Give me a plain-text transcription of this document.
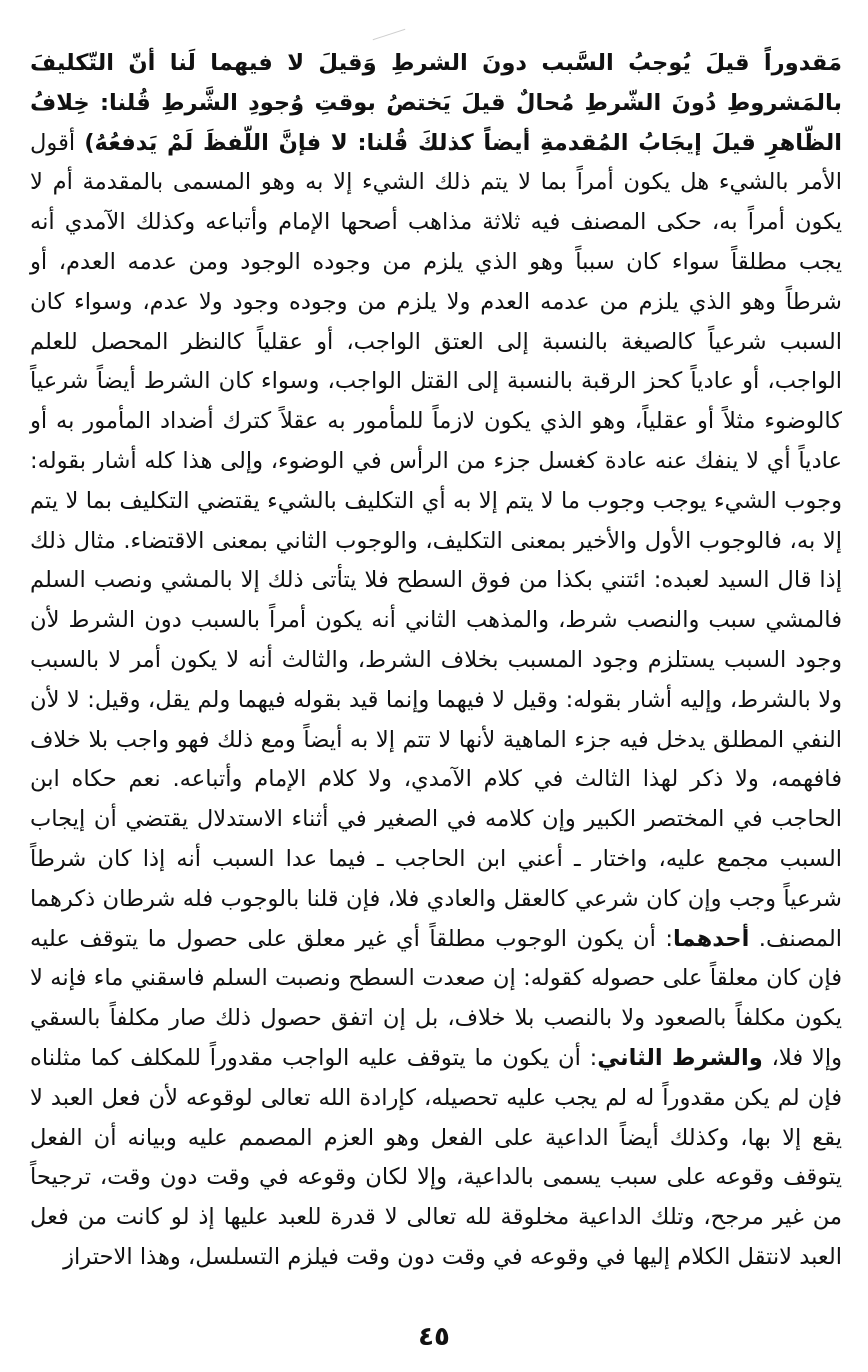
مَقدوراً قيلَ يُوجبُ السَّبب دونَ الشرطِ وَقيلَ لا فيهما لَنا أنّ التّكليفَ بالمَشروطِ دُونَ الشّرطِ مُحالٌ قيلَ يَختصُ بوقتِ وُجودِ الشَّرطِ قُلنا: خِلافُ الظّاهرِ قيلَ إيجَابُ المُقدمةِ أيضاً كذلكَ قُلنا: لا فإنَّ اللّفظَ لَمْ يَدفعُهُ) أقول الأمر بالشيء هل يكون أمراً بما لا يتم ذلك الشيء إلا به وهو المسمى بالمقدمة أم لا يكون أمراً به، حكى المصنف فيه ثلاثة مذاهب أصحها الإمام وأتباعه وكذلك الآمدي أنه يجب مطلقاً سواء كان سبباً وهو الذي يلزم من وجوده الوجود ومن عدمه العدم، أو شرطاً وهو الذي يلزم من عدمه العدم ولا يلزم من وجوده وجود ولا عدم، وسواء كان السبب شرعياً كالصيغة بالنسبة إلى العتق الواجب، أو عقلياً كالنظر المحصل للعلم الواجب، أو عادياً كحز الرقبة بالنسبة إلى القتل الواجب، وسواء كان الشرط أيضاً شرعياً كالوضوء مثلاً أو عقلياً، وهو الذي يكون لازماً للمأمور به عقلاً كترك أضداد المأمور به أو عادياً أي لا ينفك عنه عادة كغسل جزء من الرأس في الوضوء، وإلى هذا كله أشار بقوله: وجوب الشيء يوجب وجوب ما لا يتم إلا به أي التكليف بالشيء يقتضي التكليف بما لا يتم إلا به، فالوجوب الأول والأخير بمعنى التكليف، والوجوب الثاني بمعنى الاقتضاء. مثال ذلك إذا قال السيد لعبده: ائتني بكذا من فوق السطح فلا يتأتى ذلك إلا بالمشي ونصب السلم فالمشي سبب والنصب شرط، والمذهب الثاني أنه يكون أمراً بالسبب دون الشرط لأن وجود السبب يستلزم وجود المسبب بخلاف الشرط، والثالث أنه لا يكون أمر لا بالسبب ولا بالشرط، وإليه أشار بقوله: وقيل لا فيهما وإنما قيد بقوله فيهما ولم يقل، وقيل: لا لأن النفي المطلق يدخل فيه جزء الماهية لأنها لا تتم إلا به أيضاً ومع ذلك فهو واجب بلا خلاف فافهمه، ولا ذكر لهذا الثالث في كلام الآمدي، ولا كلام الإمام وأتباعه. نعم حكاه ابن الحاجب في المختصر الكبير وإن كلامه في الصغير في أثناء الاستدلال يقتضي أن إيجاب السبب مجمع عليه، واختار ـ أعني ابن الحاجب ـ فيما عدا السبب أنه إذا كان شرطاً شرعياً وجب وإن كان شرعي كالعقل والعادي فلا، فإن قلنا بالوجوب فله شرطان ذكرهما المصنف. أحدهما: أن يكون الوجوب مطلقاً أي غير معلق على حصول ما يتوقف عليه فإن كان معلقاً على حصوله كقوله: إن صعدت السطح ونصبت السلم فاسقني ماء فإنه لا يكون مكلفاً بالصعود ولا بالنصب بلا خلاف، بل إن اتفق حصول ذلك صار مكلفاً بالسقي وإلا فلا، والشرط الثاني: أن يكون ما يتوقف عليه الواجب مقدوراً للمكلف كما مثلناه فإن لم يكن مقدوراً له لم يجب عليه تحصيله، كإرادة الله تعالى لوقوعه لأن فعل العبد لا يقع إلا بها، وكذلك أيضاً الداعية على الفعل وهو العزم المصمم عليه وبيانه أن الفعل يتوقف وقوعه على سبب يسمى بالداعية، وإلا لكان وقوعه في وقت دون وقت، ترجيحاً من غير مرجح، وتلك الداعية مخلوقة لله تعالى لا قدرة للعبد عليها إذ لو كانت من فعل العبد لانتقل الكلام إليها في وقوعه في وقت دون وقت فيلزم التسلسل، وهذا الاحتراز

٤٥
